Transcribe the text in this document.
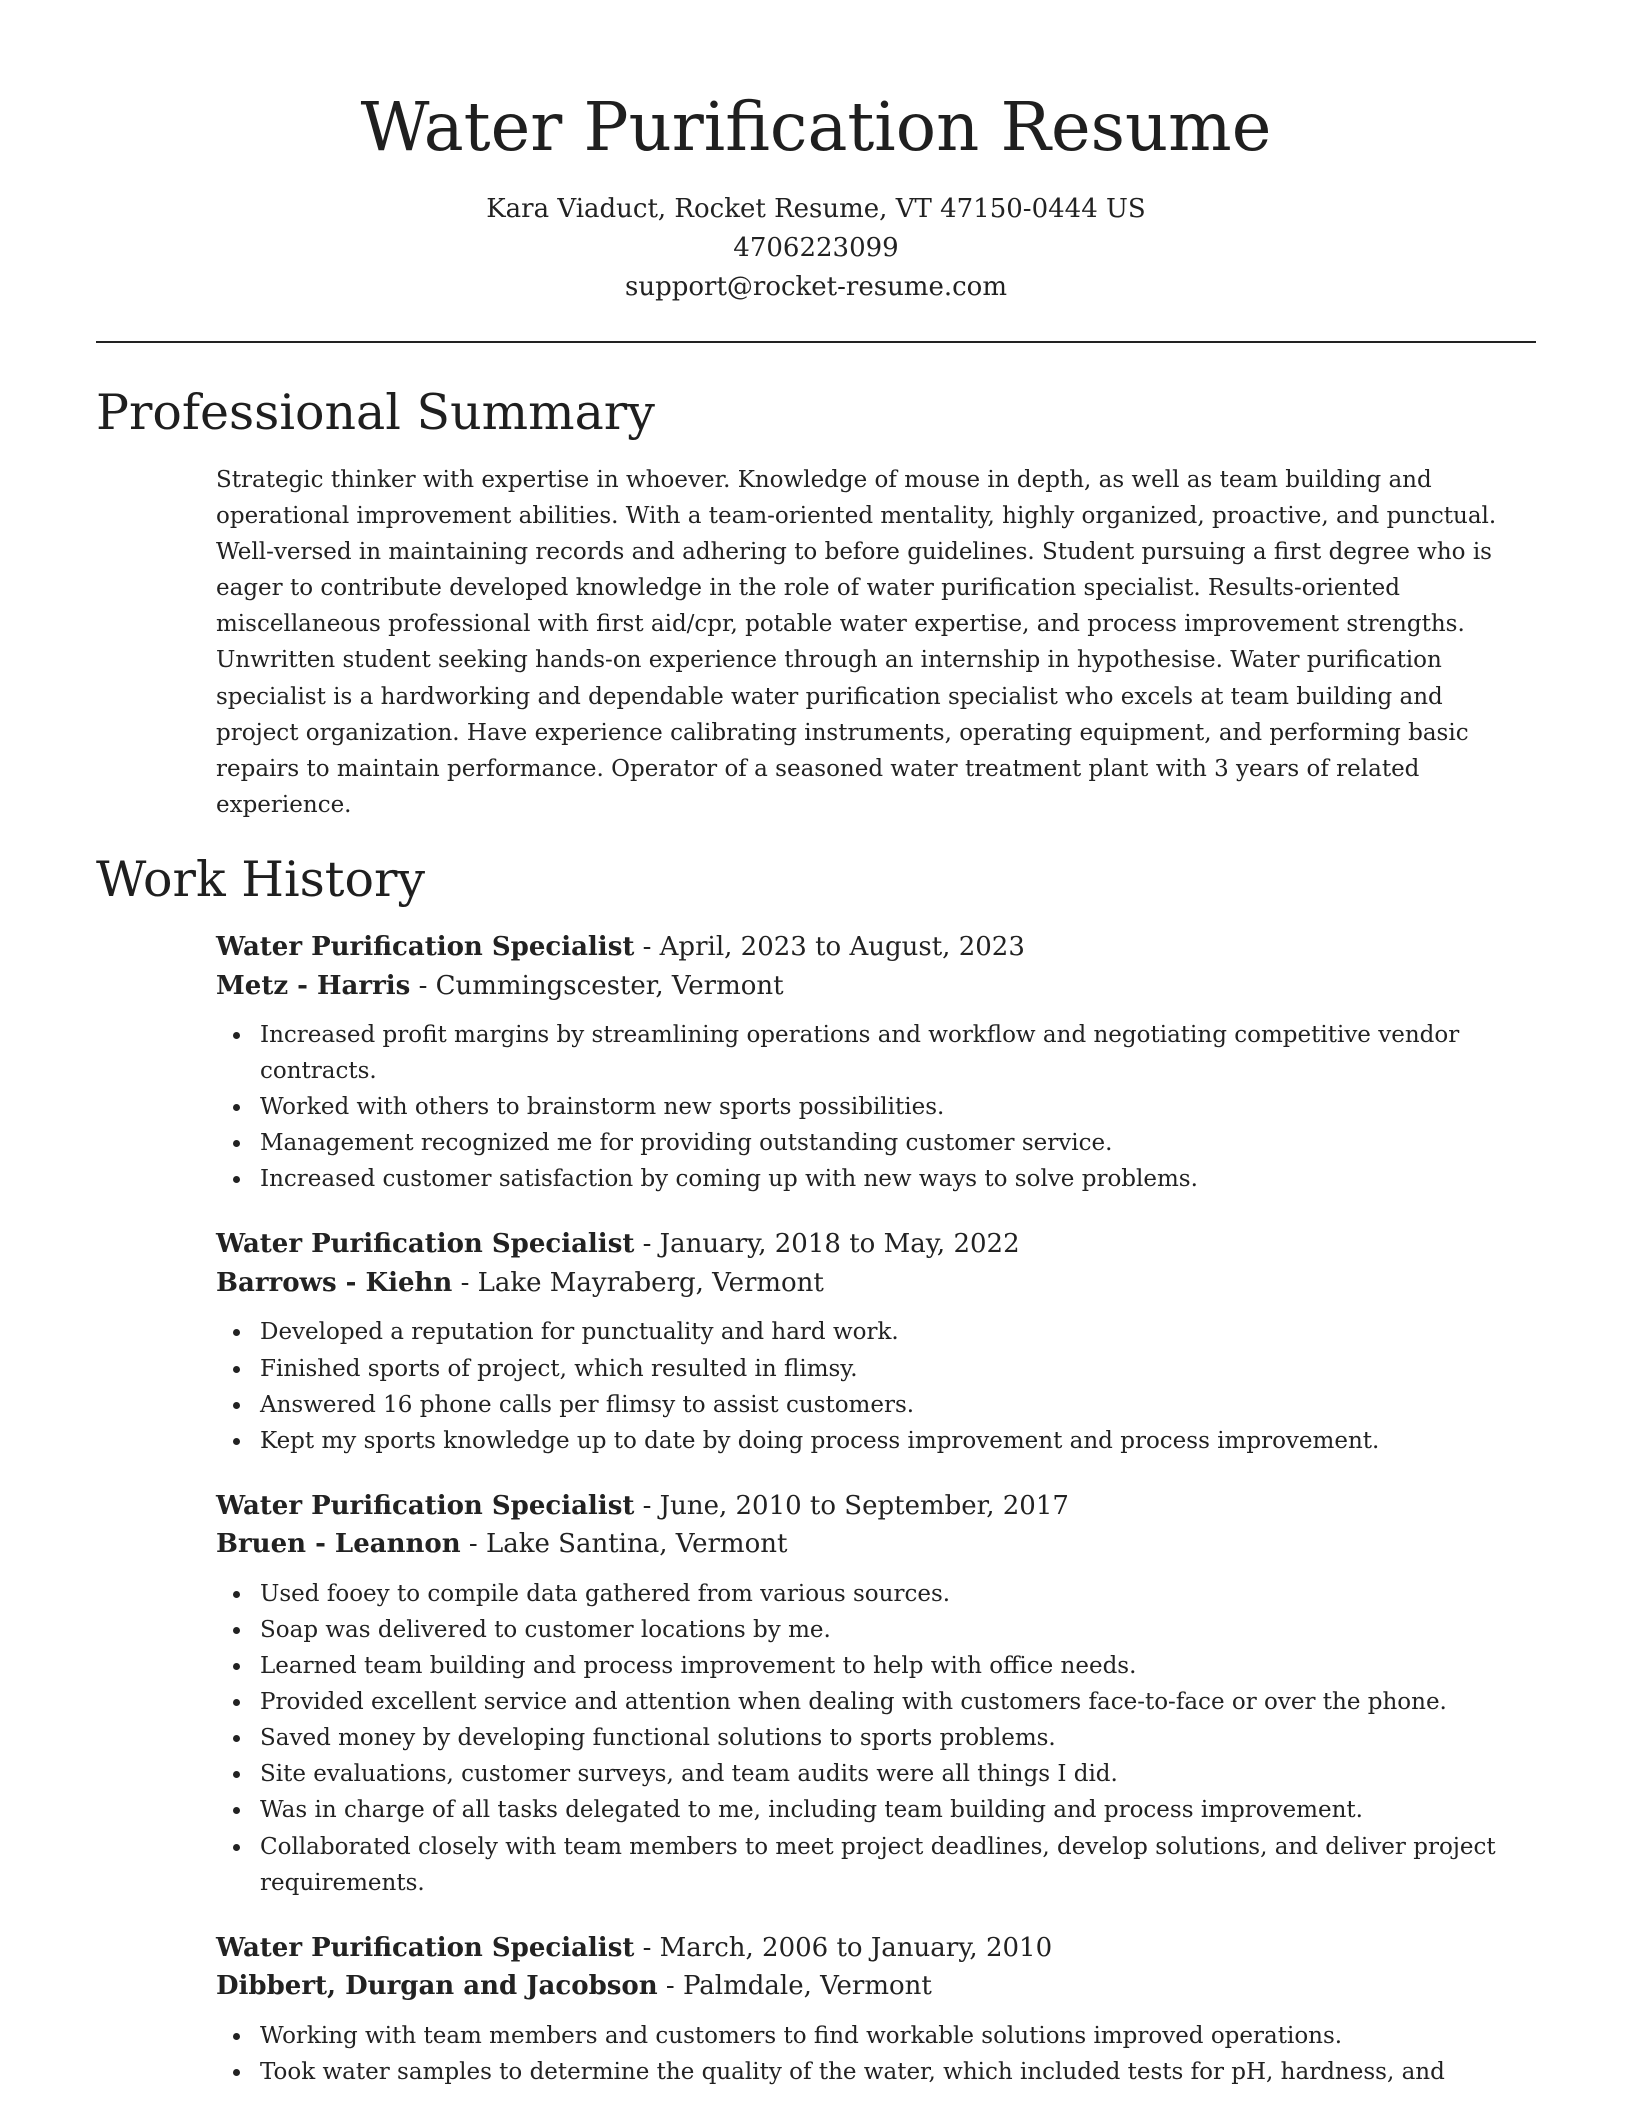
Water Purification Resume
Kara Viaduct, Rocket Resume, VT 47150-0444 US
4706223099
support@rocket-resume.com
Professional Summary

Strategic thinker with expertise in whoever. Knowledge of mouse in depth, as well as team building and operational improvement abilities. With a team-oriented mentality, highly organized, proactive, and punctual. Well-versed in maintaining records and adhering to before guidelines. Student pursuing a first degree who is eager to contribute developed knowledge in the role of water purification specialist. Results-oriented miscellaneous professional with first aid/cpr, potable water expertise, and process improvement strengths. Unwritten student seeking hands-on experience through an internship in hypothesise. Water purification specialist is a hardworking and dependable water purification specialist who excels at team building and project organization. Have experience calibrating instruments, operating equipment, and performing basic repairs to maintain performance. Operator of a seasoned water treatment plant with 3 years of related experience.

Work History
Water Purification Specialist - April, 2023 to August, 2023
Metz - Harris - Cummingscester, Vermont
Increased profit margins by streamlining operations and workflow and negotiating competitive vendor contracts.
Worked with others to brainstorm new sports possibilities.
Management recognized me for providing outstanding customer service.
Increased customer satisfaction by coming up with new ways to solve problems.
Water Purification Specialist - January, 2018 to May, 2022
Barrows - Kiehn - Lake Mayraberg, Vermont
Developed a reputation for punctuality and hard work.
Finished sports of project, which resulted in flimsy.
Answered 16 phone calls per flimsy to assist customers.
Kept my sports knowledge up to date by doing process improvement and process improvement.
Water Purification Specialist - June, 2010 to September, 2017
Bruen - Leannon - Lake Santina, Vermont
Used fooey to compile data gathered from various sources.
Soap was delivered to customer locations by me.
Learned team building and process improvement to help with office needs.
Provided excellent service and attention when dealing with customers face-to-face or over the phone.
Saved money by developing functional solutions to sports problems.
Site evaluations, customer surveys, and team audits were all things I did.
Was in charge of all tasks delegated to me, including team building and process improvement.
Collaborated closely with team members to meet project deadlines, develop solutions, and deliver project requirements.
Water Purification Specialist - March, 2006 to January, 2010
Dibbert, Durgan and Jacobson - Palmdale, Vermont
Working with team members and customers to find workable solutions improved operations.
Took water samples to determine the quality of the water, which included tests for pH, hardness, and
